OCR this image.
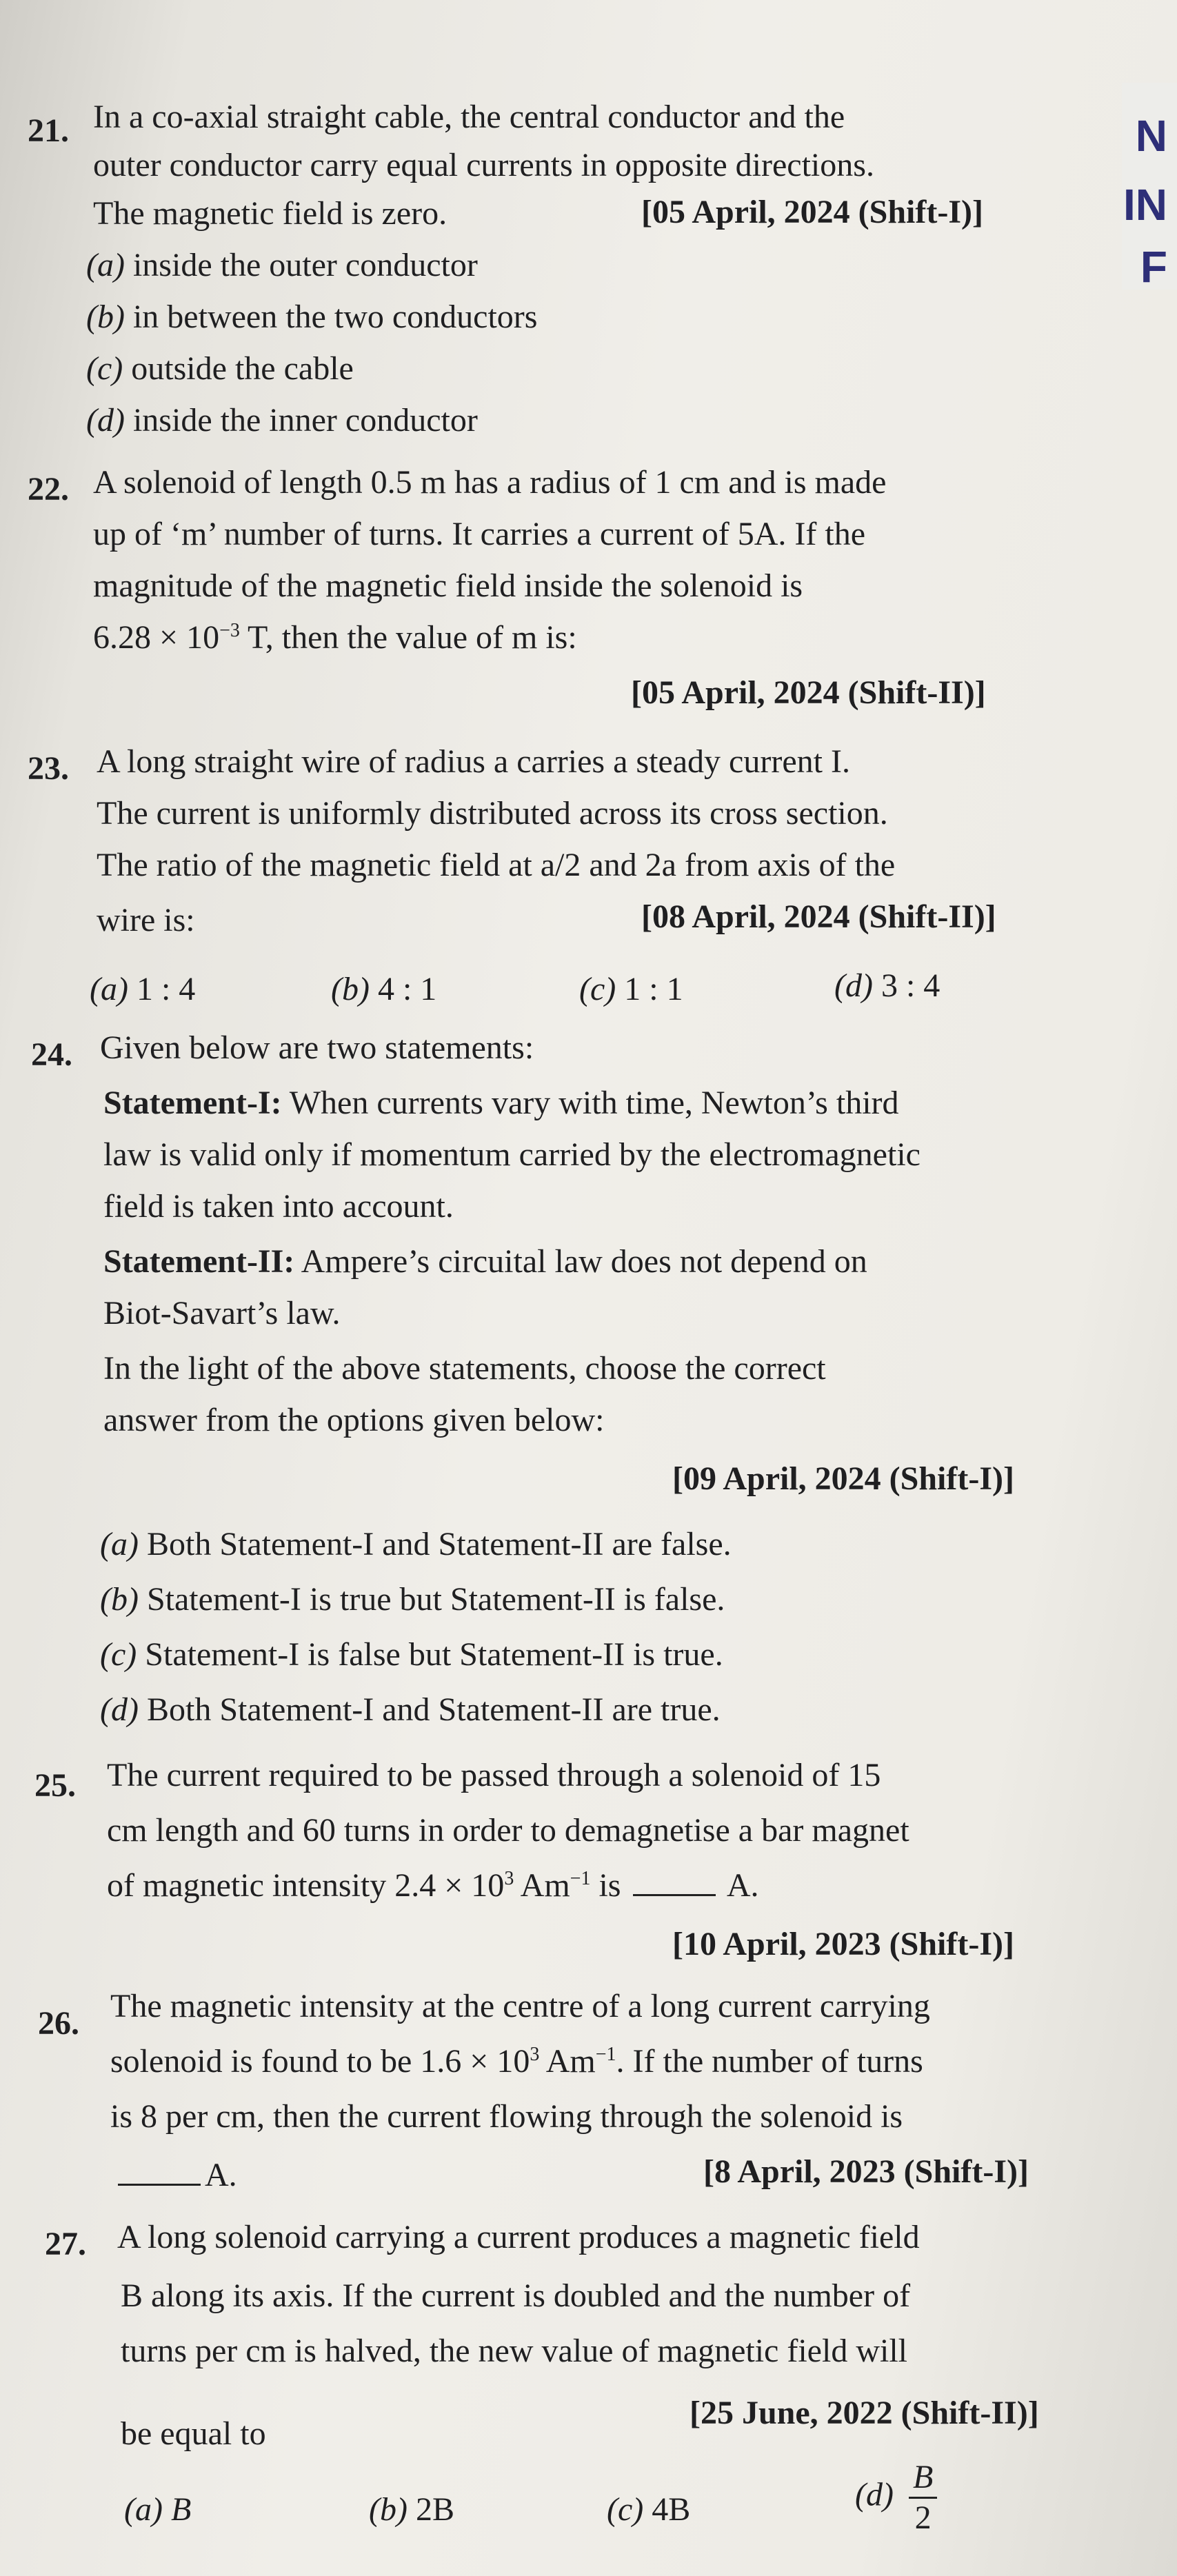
N
IN
F
21. In a co-axial straight cable, the central conductor and the
outer conductor carry equal currents in opposite directions.
The magnetic field is zero.	[05 April, 2024 (Shift-I)]
(a) inside the outer conductor
(b) in between the two conductors
(c) outside the cable
(d) inside the inner conductor
22. A solenoid of length 0.5 m has a radius of 1 cm and is made
up of ‘m’ number of turns. It carries a current of 5A. If the
magnitude of the magnetic field inside the solenoid is
$6.28 \times 10^{-3}$ T, then the value of m is:
[05 April, 2024 (Shift-II)]
23. A long straight wire of radius a carries a steady current I.
The current is uniformly distributed across its cross section.
The ratio of the magnetic field at a/2 and 2a from axis of the
wire is:	[08 April, 2024 (Shift-II)]
(a) 1 : 4	(b) 4 : 1	(c) 1 : 1	(d) 3 : 4
24. Given below are two statements:
Statement-I: When currents vary with time, Newton’s third
law is valid only if momentum carried by the electromagnetic
field is taken into account.
Statement-II: Ampere’s circuital law does not depend on
Biot-Savart’s law.
In the light of the above statements, choose the correct
answer from the options given below:
[09 April, 2024 (Shift-I)]
(a) Both Statement-I and Statement-II are false.
(b) Statement-I is true but Statement-II is false.
(c) Statement-I is false but Statement-II is true.
(d) Both Statement-I and Statement-II are true.
25. The current required to be passed through a solenoid of 15
cm length and 60 turns in order to demagnetise a bar magnet
of magnetic intensity $2.4 \times 10^3$ $Am^{-1}$ is	A.
[10 April, 2023 (Shift-I)]
26. The magnetic intensity at the centre of a long current carrying
solenoid is found to be $1.6 \times 10^3$ $Am^{-1}$. If the number of turns
is 8 per cm, then the current flowing through the solenoid is
A.	[8 April, 2023 (Shift-I)]
27. A long solenoid carrying a current produces a magnetic field
B along its axis. If the current is doubled and the number of
turns per cm is halved, the new value of magnetic field will
be equal to
[25 June, 2022 (Shift-II)]
(a) B	(b) 2B	(c) 4B	$(d) \frac{B}{2}$
